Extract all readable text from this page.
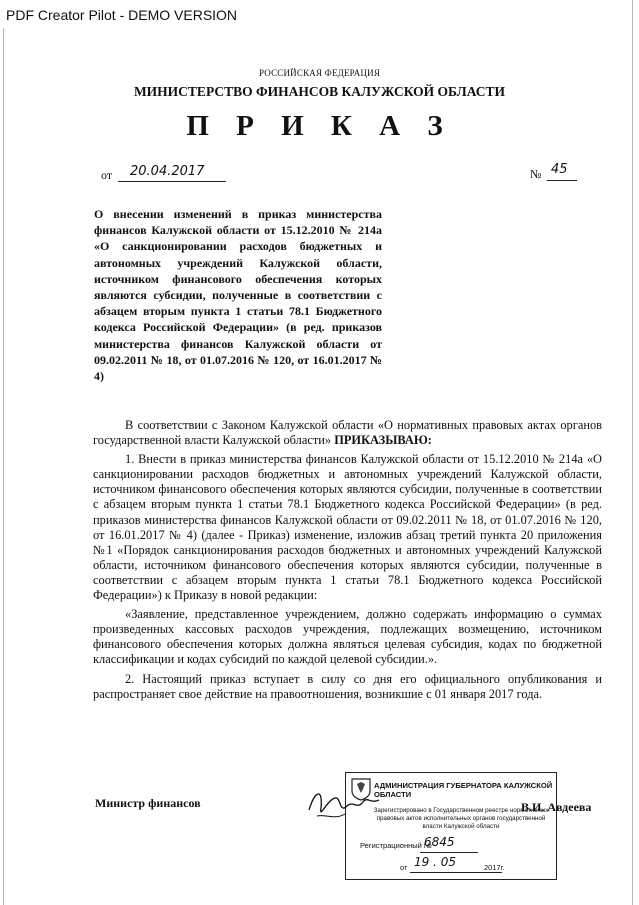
PDF Creator Pilot - DEMO VERSION
РОССИЙСКАЯ ФЕДЕРАЦИЯ
МИНИСТЕРСТВО ФИНАНСОВ КАЛУЖСКОЙ ОБЛАСТИ
П Р И К А З
от 20.04.2017	№ 45
О внесении изменений в приказ министерства финансов Калужской области от 15.12.2010 № 214а «О санкционировании расходов бюджетных и автономных учреждений Калужской области, источником финансового обеспечения которых являются субсидии, полученные в соответствии с абзацем вторым пункта 1 статьи 78.1 Бюджетного кодекса Российской Федерации» (в ред. приказов министерства финансов Калужской области от 09.02.2011 № 18, от 01.07.2016 № 120, от 16.01.2017 № 4)

В соответствии с Законом Калужской области «О нормативных правовых актах органов государственной власти Калужской области» ПРИКАЗЫВАЮ:

1. Внести в приказ министерства финансов Калужской области от 15.12.2010 № 214а «О санкционировании расходов бюджетных и автономных учреждений Калужской области, источником финансового обеспечения которых являются субсидии, полученные в соответствии с абзацем вторым пункта 1 статьи 78.1 Бюджетного кодекса Российской Федерации» (в ред. приказов министерства финансов Калужской области от 09.02.2011 № 18, от 01.07.2016 № 120, от 16.01.2017 № 4) (далее - Приказ) изменение, изложив абзац третий пункта 20 приложения №1 «Порядок санкционирования расходов бюджетных и автономных учреждений Калужской области, источником финансового обеспечения которых являются субсидии, полученные в соответствии с абзацем вторым пункта 1 статьи 78.1 Бюджетного кодекса Российской Федерации») к Приказу в новой редакции:

«Заявление, представленное учреждением, должно содержать информацию о суммах произведенных кассовых расходов учреждения, подлежащих возмещению, источником финансового обеспечения которых должна являться целевая субсидия, кодах по бюджетной классификации и кодах субсидий по каждой целевой субсидии.».

2. Настоящий приказ вступает в силу со дня его официального опубликования и распространяет свое действие на правоотношения, возникшие с 01 января 2017 года.

Министр финансов	В.И. Авдеева
АДМИНИСТРАЦИЯ ГУБЕРНАТОРА КАЛУЖСКОЙ ОБЛАСТИ
Зарегистрировано в Государственном реестре нормативных правовых актов исполнительных органов государственной власти Калужской области
Регистрационный №
6845
от 19 . 05	2017г.
